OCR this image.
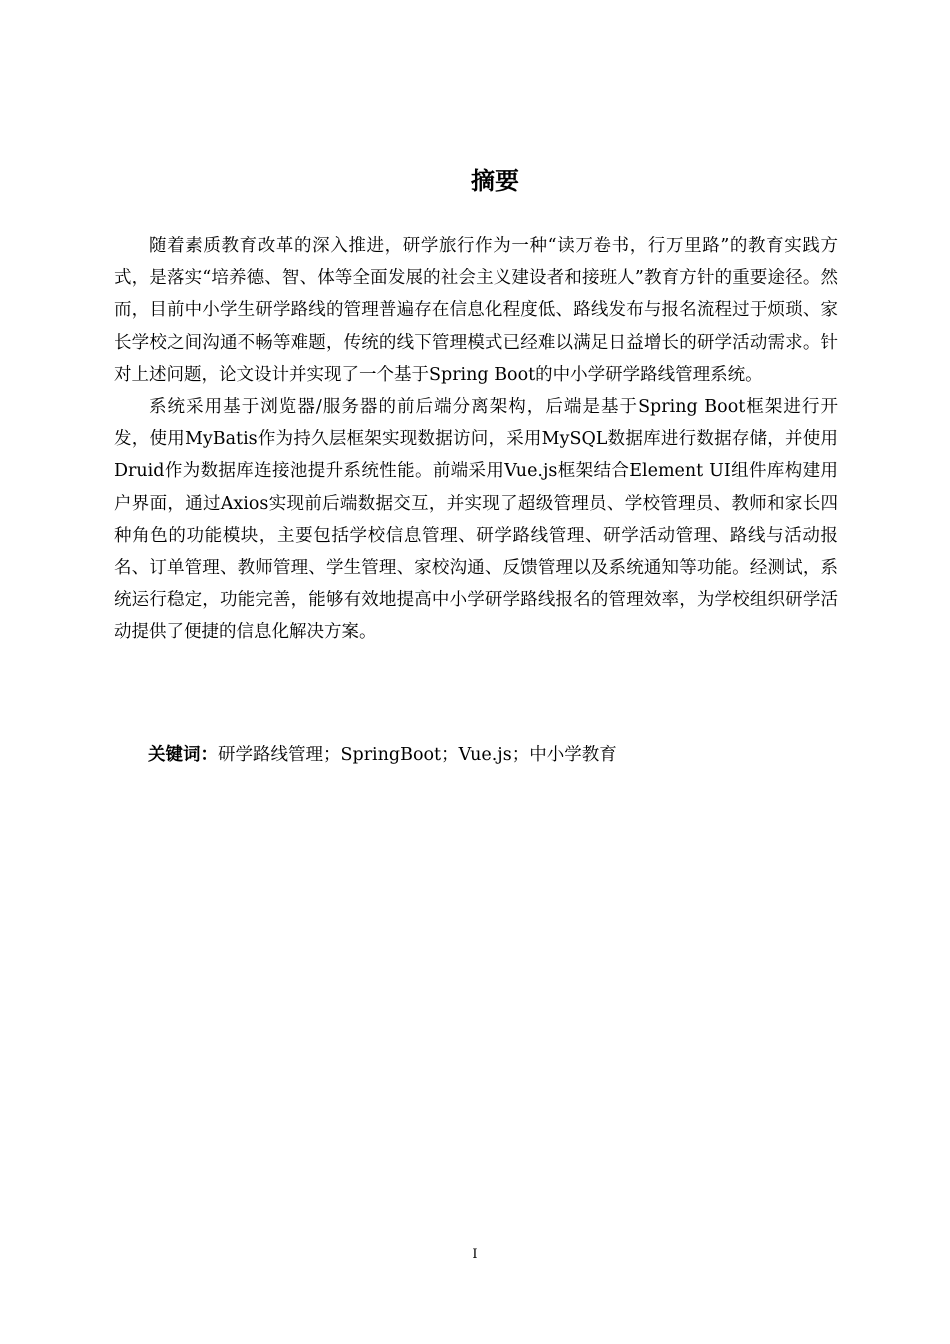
摘要

随着素质教育改革的深入推进，研学旅行作为一种“读万卷书，行万里路”的教育实践方式，是落实“培养德、智、体等全面发展的社会主义建设者和接班人”教育方针的重要途径。然而，目前中小学生研学路线的管理普遍存在信息化程度低、路线发布与报名流程过于烦琐、家长学校之间沟通不畅等难题，传统的线下管理模式已经难以满足日益增长的研学活动需求。针对上述问题，论文设计并实现了一个基于Spring Boot的中小学研学路线管理系统。

系统采用基于浏览器/服务器的前后端分离架构，后端是基于Spring Boot框架进行开发，使用MyBatis作为持久层框架实现数据访问，采用MySQL数据库进行数据存储，并使用Druid作为数据库连接池提升系统性能。前端采用Vue.js框架结合Element UI组件库构建用户界面，通过Axios实现前后端数据交互，并实现了超级管理员、学校管理员、教师和家长四种角色的功能模块，主要包括学校信息管理、研学路线管理、研学活动管理、路线与活动报名、订单管理、教师管理、学生管理、家校沟通、反馈管理以及系统通知等功能。经测试，系统运行稳定，功能完善，能够有效地提高中小学研学路线报名的管理效率，为学校组织研学活动提供了便捷的信息化解决方案。

关键词：研学路线管理；SpringBoot；Vue.js；中小学教育

I
